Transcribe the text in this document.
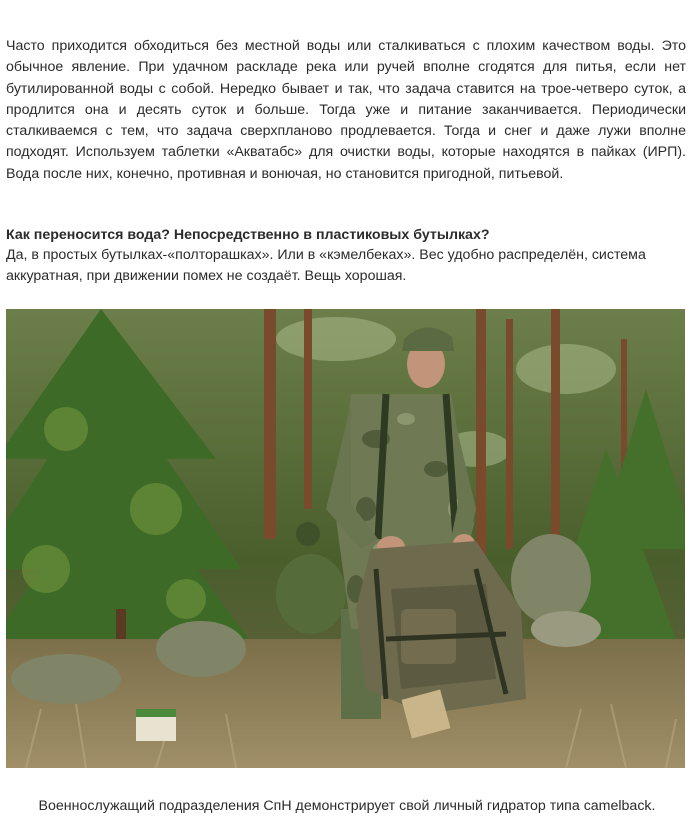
Часто приходится обходиться без местной воды или сталкиваться с плохим качеством воды. Это обычное явление. При удачном раскладе река или ручей вполне сгодятся для питья, если нет бутилированной воды с собой. Нередко бывает и так, что задача ставится на трое-четверо суток, а продлится она и десять суток и больше. Тогда уже и питание заканчивается. Периодически сталкиваемся с тем, что задача сверхпланово продлевается. Тогда и снег и даже лужи вполне подходят. Используем таблетки «Акватабс» для очистки воды, которые находятся в пайках (ИРП). Вода после них, конечно, противная и вонючая, но становится пригодной, питьевой.

Как переносится вода? Непосредственно в пластиковых бутылках?

Да, в простых бутылках-«полторашках». Или в «кэмелбеках». Вес удобно распределён, система аккуратная, при движении помех не создаёт. Вещь хорошая.

Военнослужащий подразделения СпН демонстрирует свой личный гидратор типа camelback.
